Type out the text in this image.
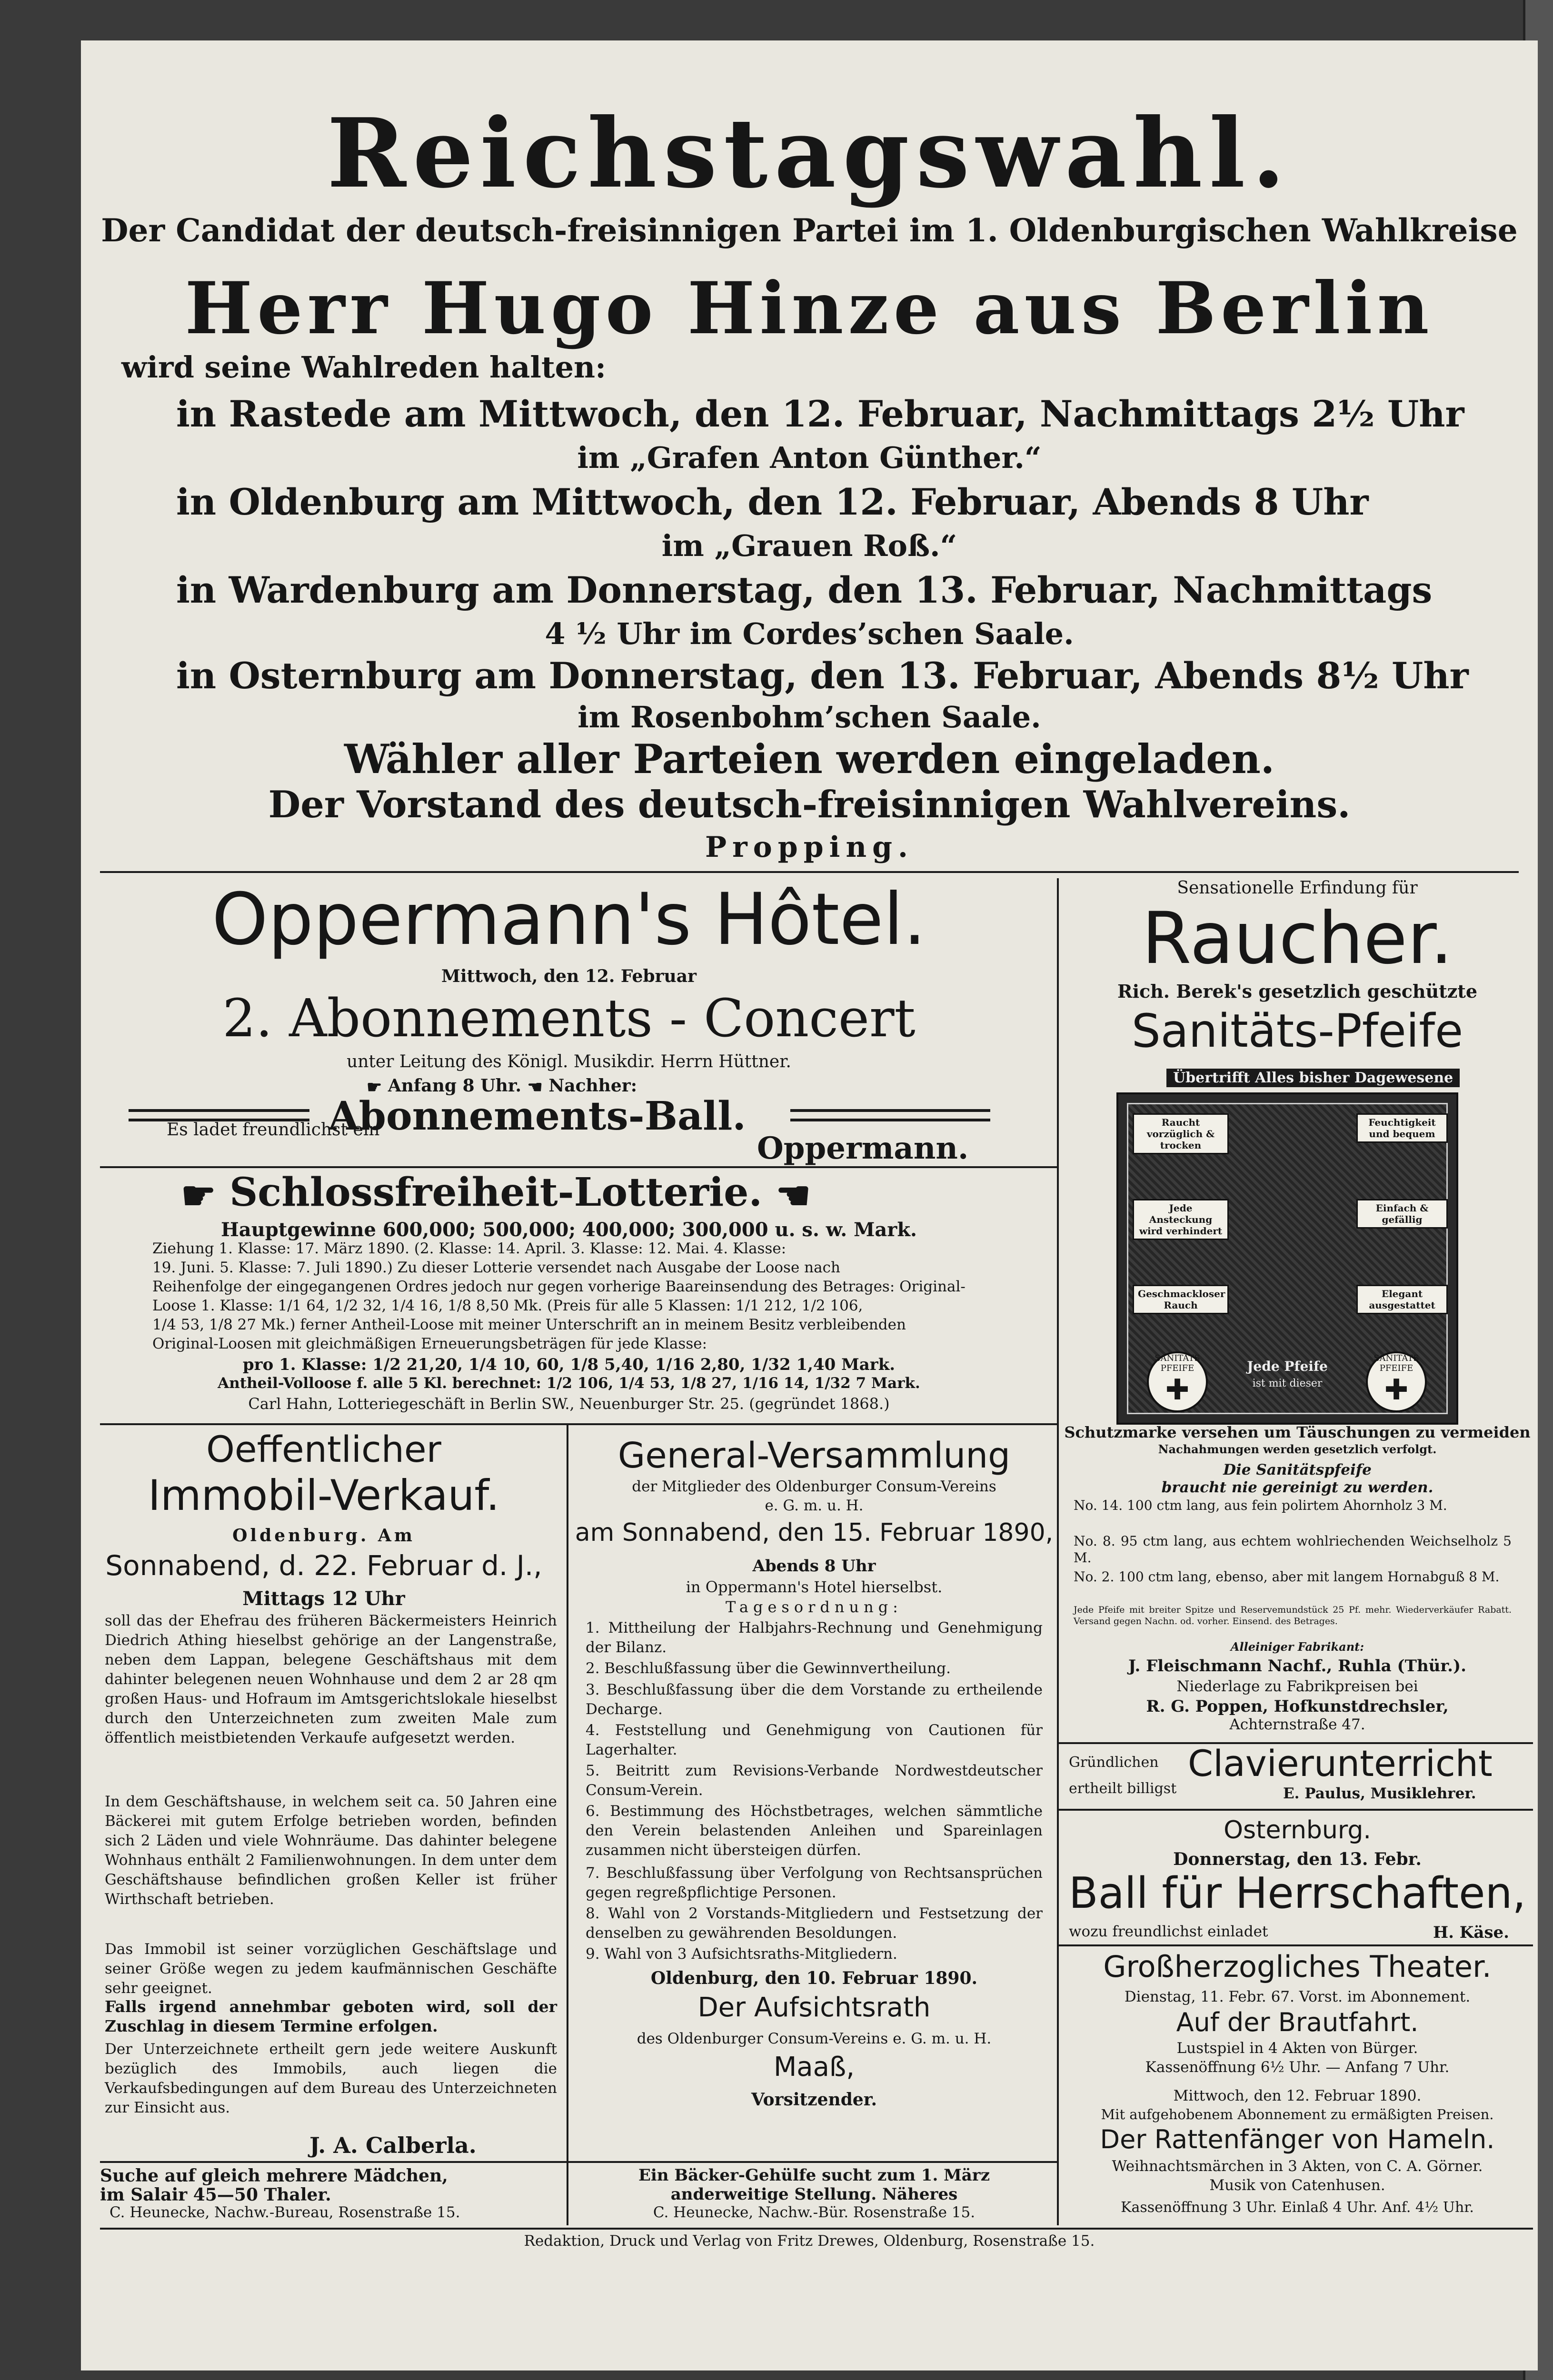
Reichstagswahl.
Der Candidat der deutsch-freisinnigen Partei im 1. Oldenburgischen Wahlkreise
Herr Hugo Hinze aus Berlin
wird seine Wahlreden halten:
in Rastede am Mittwoch, den 12. Februar, Nachmittags 2½ Uhr
im „Grafen Anton Günther.“
in Oldenburg am Mittwoch, den 12. Februar, Abends 8 Uhr
im „Grauen Roß.“
in Wardenburg am Donnerstag, den 13. Februar, Nachmittags
4 ½ Uhr im Cordes’schen Saale.
in Osternburg am Donnerstag, den 13. Februar, Abends 8½ Uhr
im Rosenbohm’schen Saale.
Wähler aller Parteien werden eingeladen.
Der Vorstand des deutsch-freisinnigen Wahlvereins.
Propping.
Oppermann's Hôtel.
Mittwoch, den 12. Februar
2. Abonnements - Concert
unter Leitung des Königl. Musikdir. Herrn Hüttner.
☛ Anfang 8 Uhr. ☚ Nachher:
Abonnements-Ball.
Es ladet freundlichst ein
Oppermann.
☛ Schlossfreiheit-Lotterie. ☚
Hauptgewinne 600,000; 500,000; 400,000; 300,000 u. s. w. Mark.
Ziehung 1. Klasse: 17. März 1890. (2. Klasse: 14. April. 3. Klasse: 12. Mai. 4. Klasse:
19. Juni. 5. Klasse: 7. Juli 1890.) Zu dieser Lotterie versendet nach Ausgabe der Loose nach
Reihenfolge der eingegangenen Ordres jedoch nur gegen vorherige Baareinsendung des Betrages: Original-
Loose 1. Klasse: 1/1 64, 1/2 32, 1/4 16, 1/8 8,50 Mk. (Preis für alle 5 Klassen: 1/1 212, 1/2 106,
1/4 53, 1/8 27 Mk.) ferner Antheil-Loose mit meiner Unterschrift an in meinem Besitz verbleibenden
Original-Loosen mit gleichmäßigen Erneuerungsbeträgen für jede Klasse:
pro 1. Klasse: 1/2 21,20, 1/4 10, 60, 1/8 5,40, 1/16 2,80, 1/32 1,40 Mark.
Antheil-Volloose f. alle 5 Kl. berechnet: 1/2 106, 1/4 53, 1/8 27, 1/16 14, 1/32 7 Mark.
Carl Hahn, Lotteriegeschäft in Berlin SW., Neuenburger Str. 25. (gegründet 1868.)
Oeffentlicher
Immobil-Verkauf.
Oldenburg. Am
Sonnabend, d. 22. Februar d. J.,
Mittags 12 Uhr
soll das der Ehefrau des früheren Bäckermeisters Heinrich Diedrich Athing hieselbst gehörige an der Langenstraße, neben dem Lappan, belegene Geschäftshaus mit dem dahinter belegenen neuen Wohnhause und dem 2 ar 28 qm großen Haus- und Hofraum im Amtsgerichtslokale hieselbst durch den Unterzeichneten zum zweiten Male zum öffentlich meistbietenden Verkaufe aufgesetzt werden.
In dem Geschäftshause, in welchem seit ca. 50 Jahren eine Bäckerei mit gutem Erfolge betrieben worden, befinden sich 2 Läden und viele Wohnräume. Das dahinter belegene Wohnhaus enthält 2 Familienwohnungen. In dem unter dem Geschäftshause befindlichen großen Keller ist früher Wirthschaft betrieben.
Das Immobil ist seiner vorzüglichen Geschäftslage und seiner Größe wegen zu jedem kaufmännischen Geschäfte sehr geeignet.
Falls irgend annehmbar geboten wird, soll der Zuschlag in diesem Termine erfolgen.
Der Unterzeichnete ertheilt gern jede weitere Auskunft bezüglich des Immobils, auch liegen die Verkaufsbedingungen auf dem Bureau des Unterzeichneten zur Einsicht aus.
J. A. Calberla.
Suche auf gleich mehrere Mädchen,
im Salair 45—50 Thaler.
C. Heunecke, Nachw.-Bureau, Rosenstraße 15.
General-Versammlung
der Mitglieder des Oldenburger Consum-Vereins
e. G. m. u. H.
am Sonnabend, den 15. Februar 1890,
Abends 8 Uhr
in Oppermann's Hotel hierselbst.
Tagesordnung:
1. Mittheilung der Halbjahrs-Rechnung und Genehmigung der Bilanz.
2. Beschlußfassung über die Gewinnvertheilung.
3. Beschlußfassung über die dem Vorstande zu ertheilende Decharge.
4. Feststellung und Genehmigung von Cautionen für Lagerhalter.
5. Beitritt zum Revisions-Verbande Nordwestdeutscher Consum-Verein.
6. Bestimmung des Höchstbetrages, welchen sämmtliche den Verein belastenden Anleihen und Spareinlagen zusammen nicht übersteigen dürfen.
7. Beschlußfassung über Verfolgung von Rechtsansprüchen gegen regreßpflichtige Personen.
8. Wahl von 2 Vorstands-Mitgliedern und Festsetzung der denselben zu gewährenden Besoldungen.
9. Wahl von 3 Aufsichtsraths-Mitgliedern.
Oldenburg, den 10. Februar 1890.
Der Aufsichtsrath
des Oldenburger Consum-Vereins e. G. m. u. H.
Maaß,
Vorsitzender.
Ein Bäcker-Gehülfe sucht zum 1. März
anderweitige Stellung. Näheres
C. Heunecke, Nachw.-Bür. Rosenstraße 15.
Sensationelle Erfindung für
Raucher.
Rich. Berek's gesetzlich geschützte
Sanitäts-Pfeife
Übertrifft Alles bisher Dagewesene
Raucht vorzüglich & trocken
Feuchtigkeit und bequem
Jede Ansteckung wird verhindert
Einfach & gefällig
Geschmackloser Rauch
Elegant ausgestattet
SANITÄTS PFEIFE ✚
SANITÄTS PFEIFE ✚
Jede Pfeife
ist mit dieser
Schutzmarke versehen um Täuschungen zu vermeiden
Nachahmungen werden gesetzlich verfolgt.
Die Sanitätspfeife
braucht nie gereinigt zu werden.
No. 14. 100 ctm lang, aus fein polirtem Ahornholz 3 M.
No. 8. 95 ctm lang, aus echtem wohlriechenden Weichselholz 5 M.
No. 2. 100 ctm lang, ebenso, aber mit langem Hornabguß 8 M.
Jede Pfeife mit breiter Spitze und Reservemundstück 25 Pf. mehr. Wiederverkäufer Rabatt. Versand gegen Nachn. od. vorher. Einsend. des Betrages.
Alleiniger Fabrikant:
J. Fleischmann Nachf., Ruhla (Thür.).
Niederlage zu Fabrikpreisen bei
R. G. Poppen, Hofkunstdrechsler,
Achternstraße 47.
Gründlichen Clavierunterricht
ertheilt billigst	E. Paulus, Musiklehrer.
Osternburg.
Donnerstag, den 13. Febr.
Ball für Herrschaften,
wozu freundlichst einladet	H. Käse.
Großherzogliches Theater.
Dienstag, 11. Febr. 67. Vorst. im Abonnement.
Auf der Brautfahrt.
Lustspiel in 4 Akten von Bürger.
Kassenöffnung 6½ Uhr. — Anfang 7 Uhr.
Mittwoch, den 12. Februar 1890.
Mit aufgehobenem Abonnement zu ermäßigten Preisen.
Der Rattenfänger von Hameln.
Weihnachtsmärchen in 3 Akten, von C. A. Görner.
Musik von Catenhusen.
Kassenöffnung 3 Uhr. Einlaß 4 Uhr. Anf. 4½ Uhr.
Redaktion, Druck und Verlag von Fritz Drewes, Oldenburg, Rosenstraße 15.
